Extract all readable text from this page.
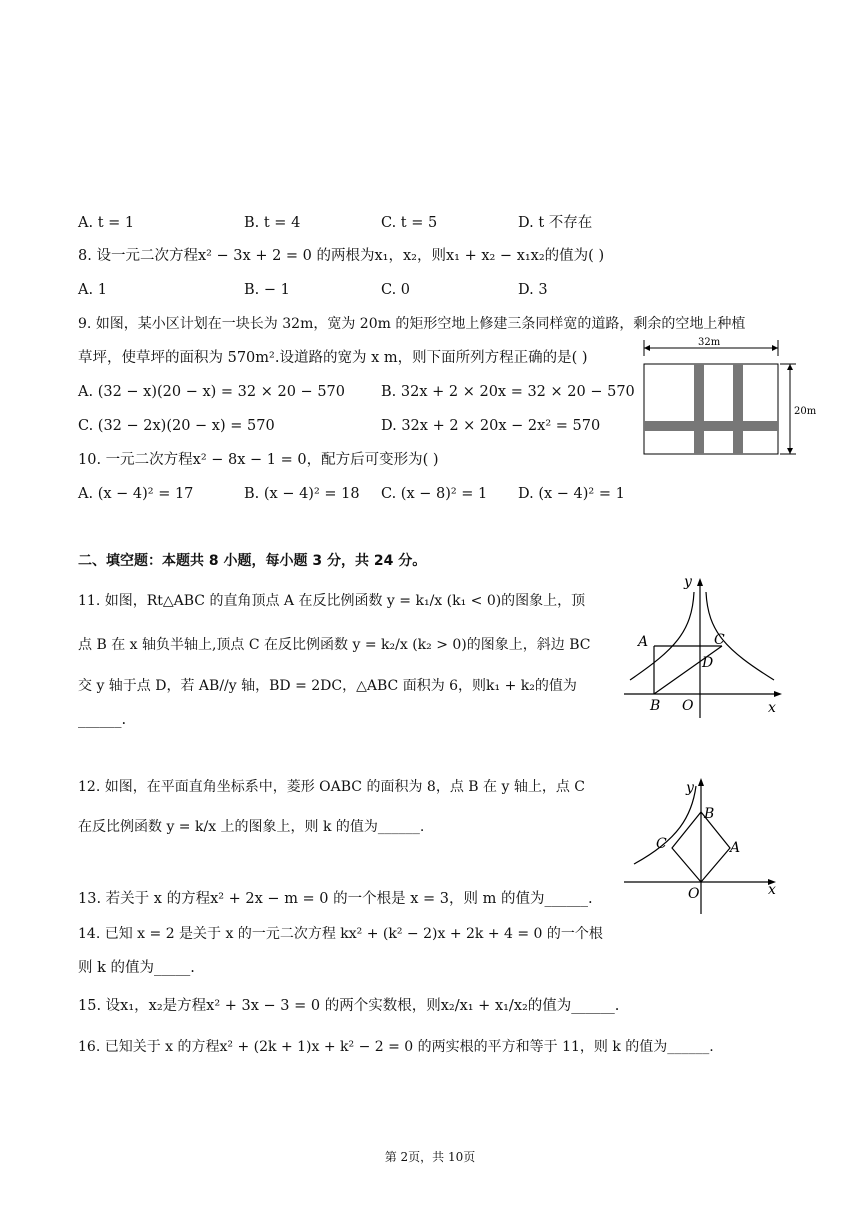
A. t = 1	B. t = 4	C. t = 5	D. t 不存在
8. 设一元二次方程x² − 3x + 2 = 0 的两根为x₁，x₂，则x₁ + x₂ − x₁x₂的值为( )
A. 1	B. − 1	C. 0	D. 3
9. 如图，某小区计划在一块长为 32m，宽为 20m 的矩形空地上修建三条同样宽的道路，剩余的空地上种植
草坪，使草坪的面积为 570m².设道路的宽为 x m，则下面所列方程正确的是( )
A. (32 − x)(20 − x) = 32 × 20 − 570 B. 32x + 2 × 20x = 32 × 20 − 570
C. (32 − 2x)(20 − x) = 570	D. 32x + 2 × 20x − 2x² = 570
32m
20m
10. 一元二次方程x² − 8x − 1 = 0，配方后可变形为( )
A. (x − 4)² = 17	B. (x − 4)² = 18 C. (x − 8)² = 1 D. (x − 4)² = 1
二、填空题：本题共 8 小题，每小题 3 分，共 24 分。
11. 如图，Rt△ABC 的直角顶点 A 在反比例函数 y = k₁/x (k₁ < 0)的图象上，顶
点 B 在 x 轴负半轴上,顶点 C 在反比例函数 y = k₂/x (k₂ > 0)的图象上，斜边 BC
交 y 轴于点 D，若 AB//y 轴，BD = 2DC，△ABC 面积为 6，则k₁ + k₂的值为
______.
A
B
C
D
O	x
y
12. 如图，在平面直角坐标系中，菱形 OABC 的面积为 8，点 B 在 y 轴上，点 C
在反比例函数 y = k/x 上的图象上，则 k 的值为______.
B
A
C
O	x
y
13. 若关于 x 的方程x² + 2x − m = 0 的一个根是 x = 3，则 m 的值为______.
14. 已知 x = 2 是关于 x 的一元二次方程 kx² + (k² − 2)x + 2k + 4 = 0 的一个根
则 k 的值为_____.
15. 设x₁，x₂是方程x² + 3x − 3 = 0 的两个实数根，则x₂/x₁ + x₁/x₂的值为______.
16. 已知关于 x 的方程x² + (2k + 1)x + k² − 2 = 0 的两实根的平方和等于 11，则 k 的值为______.
第 2页，共 10页
